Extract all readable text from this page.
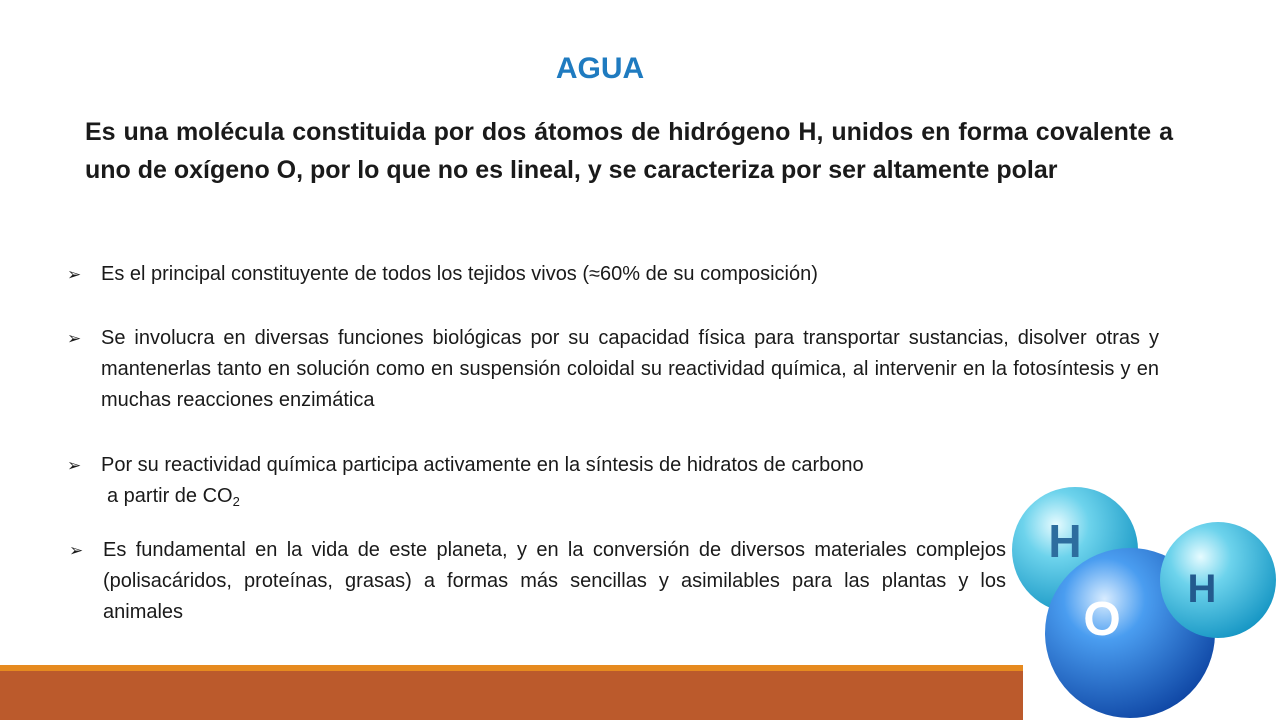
AGUA
Es una molécula constituida por dos átomos de hidrógeno H, unidos en forma covalente a uno de oxígeno O, por lo que no es lineal, y se caracteriza por ser altamente polar
➢ Es el principal constituyente de todos los tejidos vivos (≈60% de su composición)
➢ Se involucra en diversas funciones biológicas por su capacidad física para transportar sustancias, disolver otras y mantenerlas tanto en solución como en suspensión coloidal su reactividad química, al intervenir en la fotosíntesis y en muchas reacciones enzimática
➢ Por su reactividad química participa activamente en la síntesis de hidratos de carbono
a partir de $CO_2$
➢ Es fundamental en la vida de este planeta, y en la conversión de diversos materiales complejos (polisacáridos, proteínas, grasas) a formas más sencillas y asimilables para las plantas y los animales
H
O
H
